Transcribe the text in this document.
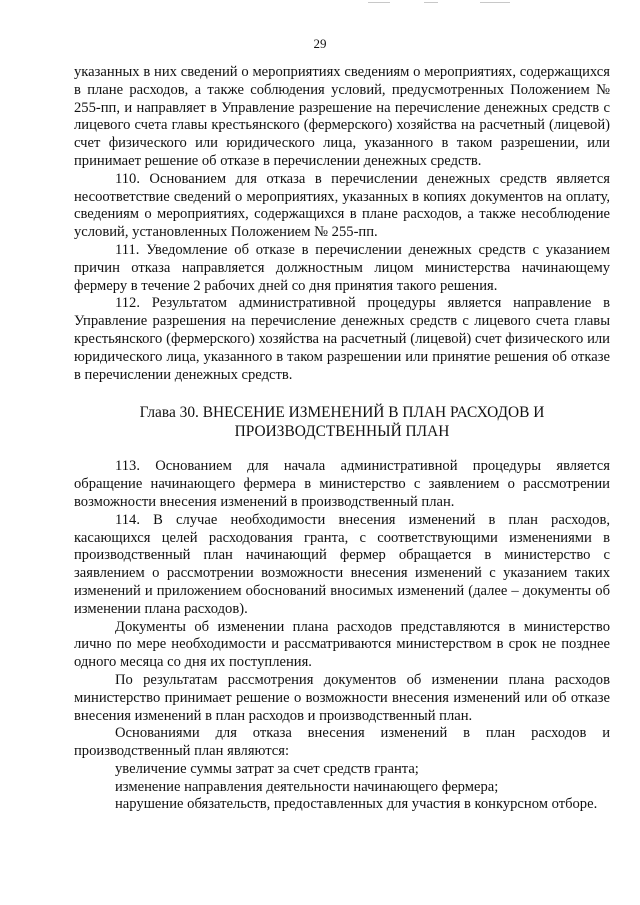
29

указанных в них сведений о мероприятиях сведениям о мероприятиях, содержащихся в плане расходов, а также соблюдения условий, предусмотренных Положением № 255-пп, и направляет в Управление разрешение на перечисление денежных средств с лицевого счета главы крестьянского (фермерского) хозяйства на расчетный (лицевой) счет физического или юридического лица, указанного в таком разрешении, или принимает решение об отказе в перечислении денежных средств.

110. Основанием для отказа в перечислении денежных средств является несоответствие сведений о мероприятиях, указанных в копиях документов на оплату, сведениям о мероприятиях, содержащихся в плане расходов, а также несоблюдение условий, установленных Положением № 255-пп.

111. Уведомление об отказе в перечислении денежных средств с указанием причин отказа направляется должностным лицом министерства начинающему фермеру в течение 2 рабочих дней со дня принятия такого решения.

112. Результатом административной процедуры является направление в Управление разрешения на перечисление денежных средств с лицевого счета главы крестьянского (фермерского) хозяйства на расчетный (лицевой) счет физического или юридического лица, указанного в таком разрешении или принятие решения об отказе в перечислении денежных средств.

Глава 30. ВНЕСЕНИЕ ИЗМЕНЕНИЙ В ПЛАН РАСХОДОВ И
ПРОИЗВОДСТВЕННЫЙ ПЛАН

113. Основанием для начала административной процедуры является обращение начинающего фермера в министерство с заявлением о рассмотрении возможности внесения изменений в производственный план.

114. В случае необходимости внесения изменений в план расходов, касающихся целей расходования гранта, с соответствующими изменениями в производственный план начинающий фермер обращается в министерство с заявлением о рассмотрении возможности внесения изменений с указанием таких изменений и приложением обоснований вносимых изменений (далее – документы об изменении плана расходов).

Документы об изменении плана расходов представляются в министерство лично по мере необходимости и рассматриваются министерством в срок не позднее одного месяца со дня их поступления.

По результатам рассмотрения документов об изменении плана расходов министерство принимает решение о возможности внесения изменений или об отказе внесения изменений в план расходов и производственный план.

Основаниями для отказа внесения изменений в план расходов и производственный план являются:

увеличение суммы затрат за счет средств гранта;

изменение направления деятельности начинающего фермера;

нарушение обязательств, предоставленных для участия в конкурсном отборе.
